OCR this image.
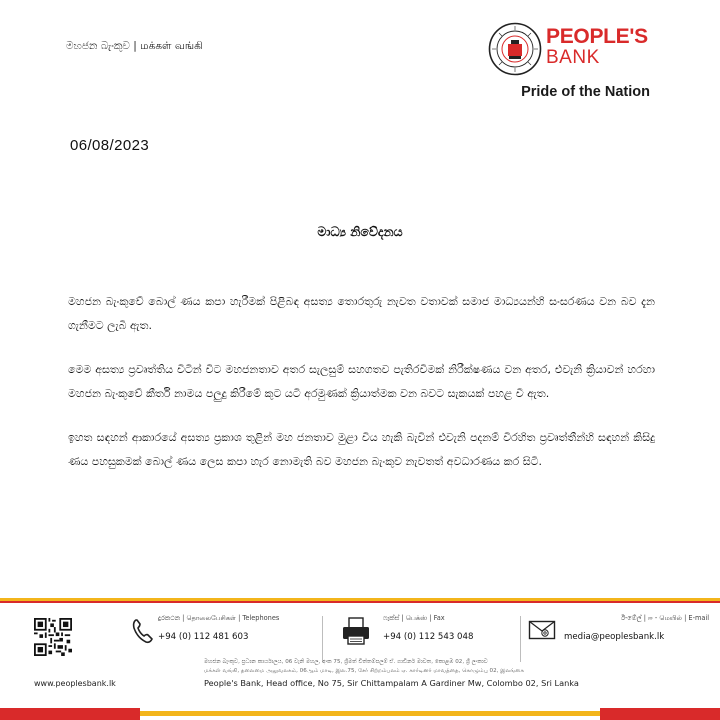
මහජන බැංකුව | மக்கள் வங்கி	PEOPLE'S
BANK
Pride of the Nation
06/08/2023
මාධ්‍ය නිවේදනය

මහජන බැංකුවේ බොල් ණය කපා හැරීමක් පිළිබඳ අසත්‍ය තොරතුරු නැවත වතාවක් සමාජ මාධ්‍යයන්හි සංසරණය වන බව දැන ගැනීමට ලැබී ඇත.

මෙම අසත්‍ය ප්‍රවෘත්තිය විටින් විට මහජනතාව අතර සැලසුම් සහගතව පැතිරවීමක් නිරීක්ෂණය වන අතර, එවැනි ක්‍රියාවන් හරහා මහජන බැංකුවේ කීර්ති නාමය පලුදු කිරීමේ කුට යටි අරමුණක් ක්‍රියාත්මක වන බවට සැකයක් පහළ වී ඇත.

ඉහත සඳහන් ආකාරයේ අසත්‍ය ප්‍රකාශ තුළින් මහ ජනතාව මුළා විය හැකි බැවින් එවැනි පදනම් විරහිත ප්‍රවෘත්තීන්හි සඳහන් කිසිදු ණය පහසුකමක් බොල් ණය ලෙස කපා හැර නොමැති බව මහජන බැංකුව නැවතත් අවධාරණය කර සිටී.

www.peoplesbank.lk
දුරකථන | தொலைபேசிகள் | Telephones
+94 (0) 112 481 603
ෆැක්ස් | பெக்ஸ் | Fax
+94 (0) 112 543 048
ඊ-මේල් | ஈ - மெயில் | E-mail
media@peoplesbank.lk
මහජන බැංකුව, ප්‍රධාන කාර්යාලය, 06 වැනි මහල, අංක 75, ශ්‍රීමත් චිත්තම්පලම් ඒ. ගාඩිනර් මාවත, කොළඹ 02, ශ්‍රී ලංකාව
மக்கள் வங்கி, தலைமை அலுவலகம், 06ஆம் மாடி, இல.75, சேர் சிற்றம்பலம் ஏ. கார்டினர் மாவத்தை, கொழும்பு 02, இலங்கை
People's Bank, Head office, No 75, Sir Chittampalam A Gardiner Mw, Colombo 02, Sri Lanka
